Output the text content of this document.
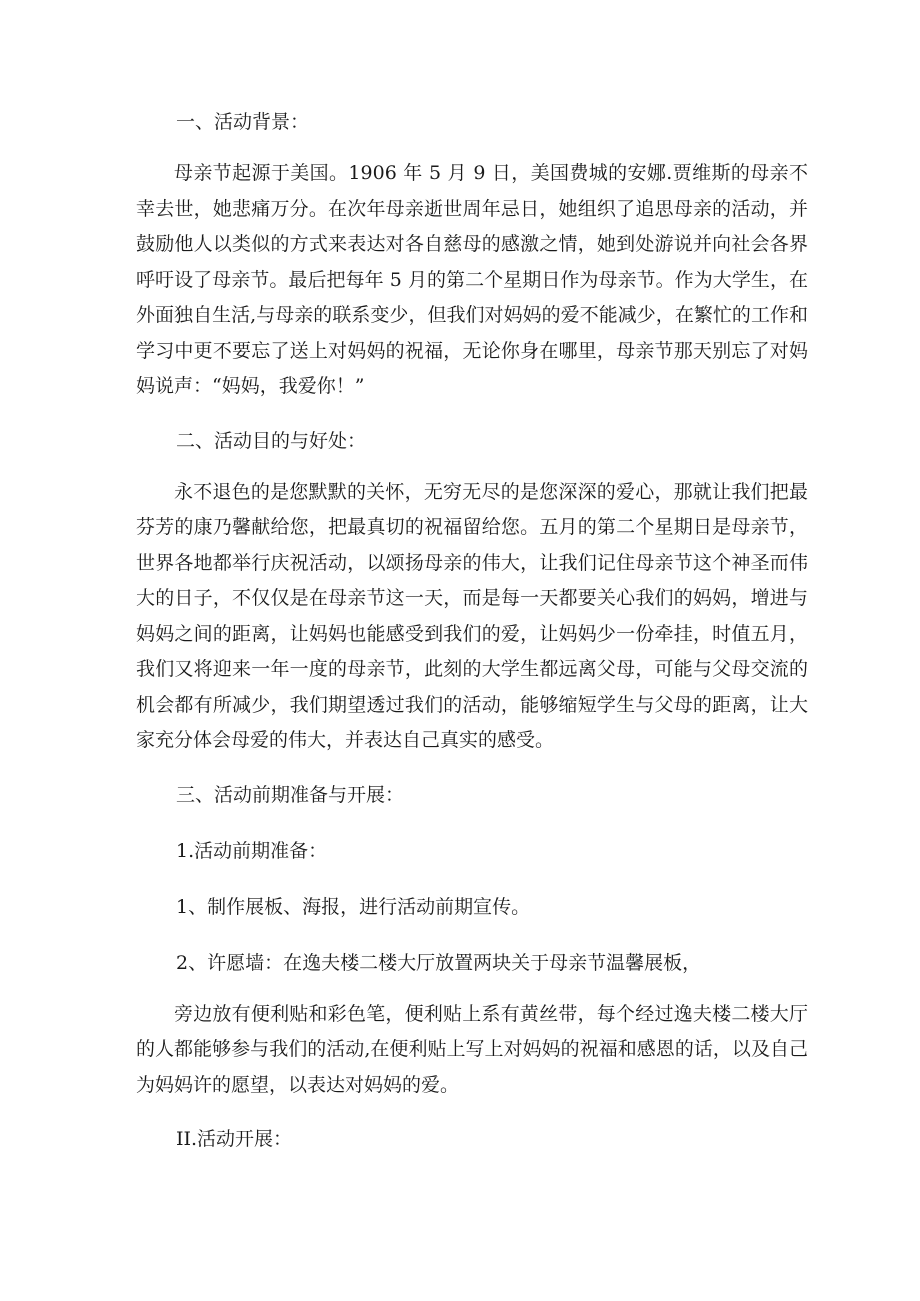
一、活动背景：

母亲节起源于美国。1906 年 5 月 9 日，美国费城的安娜.贾维斯的母亲不幸去世，她悲痛万分。在次年母亲逝世周年忌日，她组织了追思母亲的活动，并鼓励他人以类似的方式来表达对各自慈母的感激之情，她到处游说并向社会各界呼吁设了母亲节。最后把每年 5 月的第二个星期日作为母亲节。作为大学生，在外面独自生活,与母亲的联系变少，但我们对妈妈的爱不能减少，在繁忙的工作和学习中更不要忘了送上对妈妈的祝福，无论你身在哪里，母亲节那天别忘了对妈妈说声：“妈妈，我爱你！”

二、活动目的与好处：

永不退色的是您默默的关怀，无穷无尽的是您深深的爱心，那就让我们把最芬芳的康乃馨献给您，把最真切的祝福留给您。五月的第二个星期日是母亲节，世界各地都举行庆祝活动，以颂扬母亲的伟大，让我们记住母亲节这个神圣而伟大的日子，不仅仅是在母亲节这一天，而是每一天都要关心我们的妈妈，增进与妈妈之间的距离，让妈妈也能感受到我们的爱，让妈妈少一份牵挂，时值五月，我们又将迎来一年一度的母亲节，此刻的大学生都远离父母，可能与父母交流的机会都有所减少，我们期望透过我们的活动，能够缩短学生与父母的距离，让大家充分体会母爱的伟大，并表达自己真实的感受。

三、活动前期准备与开展：

1.活动前期准备：

1、制作展板、海报，进行活动前期宣传。

2、许愿墙：在逸夫楼二楼大厅放置两块关于母亲节温馨展板，

旁边放有便利贴和彩色笔，便利贴上系有黄丝带，每个经过逸夫楼二楼大厅的人都能够参与我们的活动,在便利贴上写上对妈妈的祝福和感恩的话，以及自己为妈妈许的愿望，以表达对妈妈的爱。

II.活动开展：
